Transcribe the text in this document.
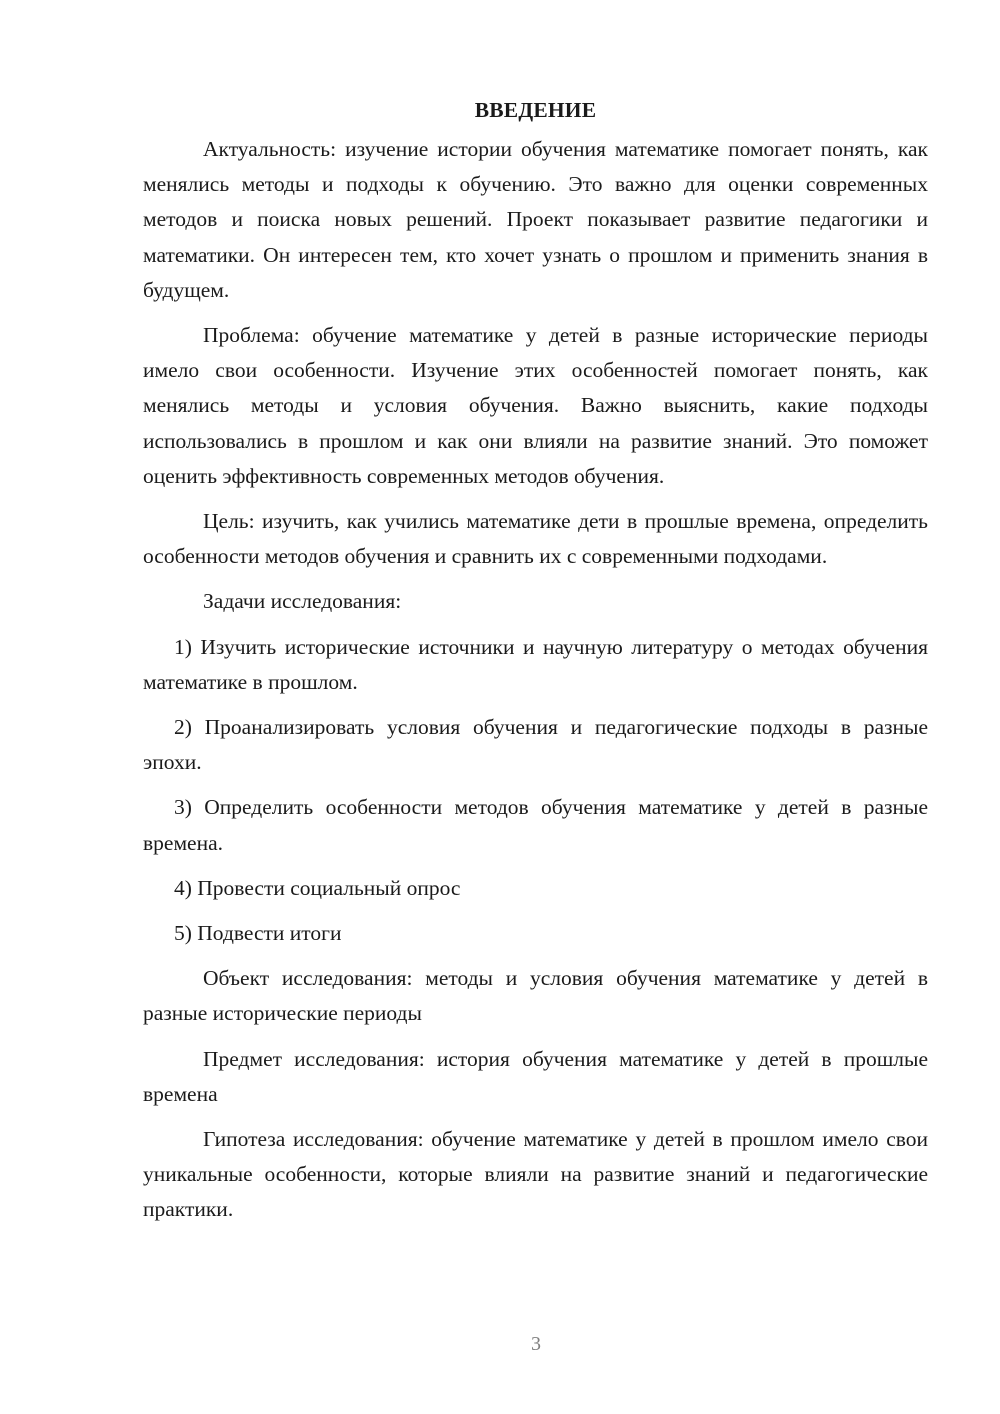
ВВЕДЕНИЕ

Актуальность: изучение истории обучения математике помогает понять, как менялись методы и подходы к обучению. Это важно для оценки современных методов и поиска новых решений. Проект показывает развитие педагогики и математики. Он интересен тем, кто хочет узнать о прошлом и применить знания в будущем.

Проблема: обучение математике у детей в разные исторические периоды имело свои особенности. Изучение этих особенностей помогает понять, как менялись методы и условия обучения. Важно выяснить, какие подходы использовались в прошлом и как они влияли на развитие знаний. Это поможет оценить эффективность современных методов обучения.

Цель: изучить, как учились математике дети в прошлые времена, определить особенности методов обучения и сравнить их с современными подходами.

Задачи исследования:

1) Изучить исторические источники и научную литературу о методах обучения математике в прошлом.

2) Проанализировать условия обучения и педагогические подходы в разные эпохи.

3) Определить особенности методов обучения математике у детей в разные времена.

4) Провести социальный опрос

5) Подвести итоги

Объект исследования: методы и условия обучения математике у детей в разные исторические периоды

Предмет исследования: история обучения математике у детей в прошлые времена

Гипотеза исследования: обучение математике у детей в прошлом имело свои уникальные особенности, которые влияли на развитие знаний и педагогические практики.

3
